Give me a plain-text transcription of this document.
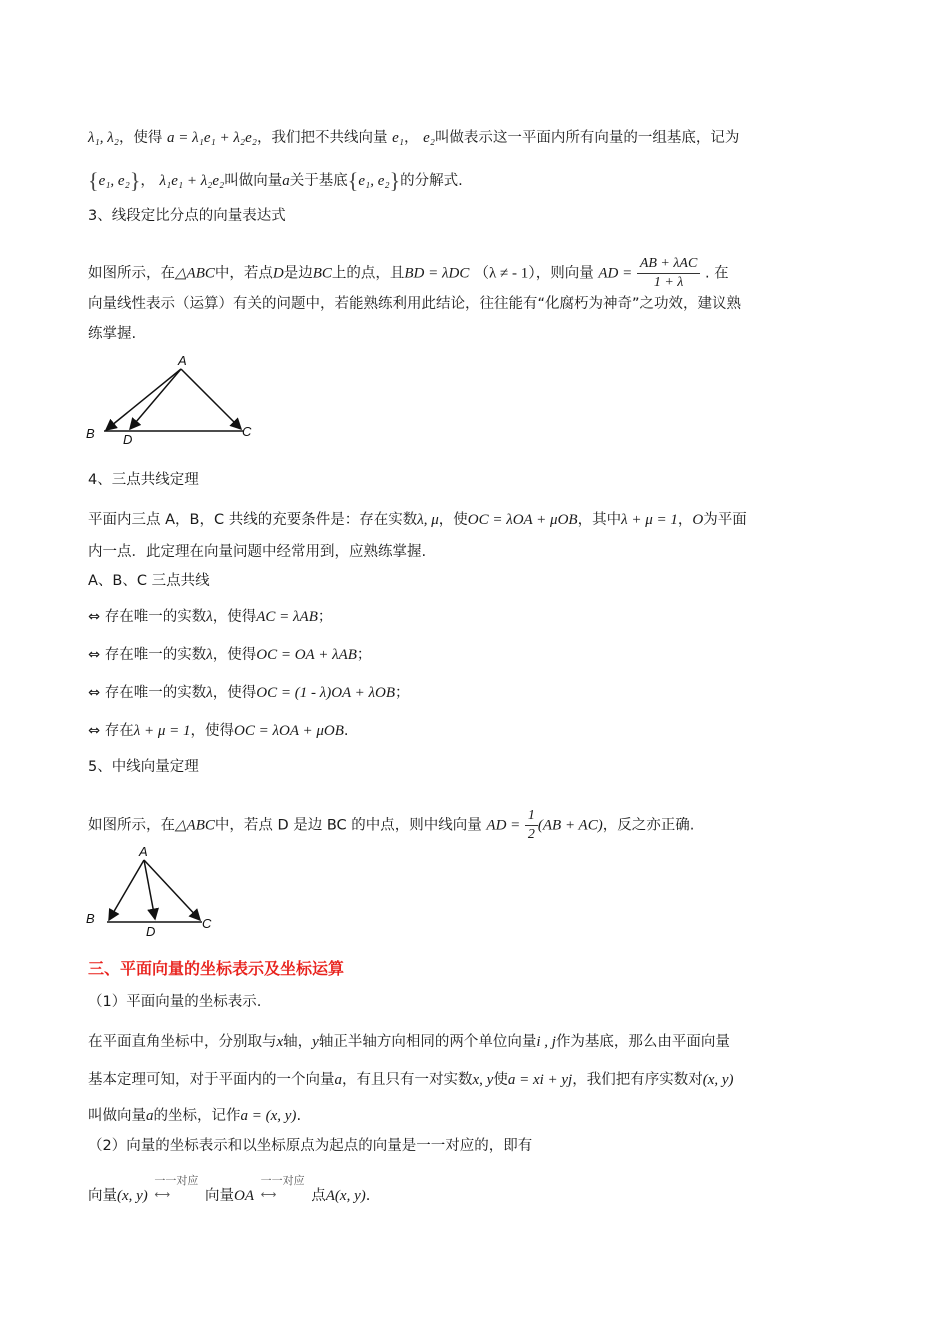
λ₁, λ₂，使得 a = λ₁e₁ + λ₂e₂，我们把不共线向量 e₁， e₂叫做表示这一平面内所有向量的一组基底，记为
{e₁, e₂}， λ₁e₁ + λ₂e₂叫做向量a关于基底{e₁, e₂}的分解式.
3、线段定比分点的向量表达式
如图所示，在△ABC中，若点D是边BC上的点，且BD = λDC （λ ≠ - 1），则向量 AD = $\frac{\text{AB + λAC}}{1 + \lambda}$ . 在
向量线性表示（运算）有关的问题中，若能熟练利用此结论，往往能有“化腐朽为神奇”之功效，建议熟
练掌握.
A
B	C
D
4、三点共线定理
平面内三点 A，B，C 共线的充要条件是：存在实数λ, μ，使OC = λOA + μOB，其中λ + μ = 1，O为平面
内一点．此定理在向量问题中经常用到，应熟练掌握.
A、B、C 三点共线
⇔ 存在唯一的实数λ，使得AC = λAB；
⇔ 存在唯一的实数λ，使得OC = OA + λAB；
⇔ 存在唯一的实数λ，使得OC = (1 - λ)OA + λOB；
⇔ 存在λ + μ = 1，使得OC = λOA + μOB.
5、中线向量定理
如图所示，在△ABC中，若点 D 是边 BC 的中点，则中线向量 AD = $\frac{1}{2} (AB + AC)$，反之亦正确.
A
B	C
D
三、平面向量的坐标表示及坐标运算
（1）平面向量的坐标表示.
在平面直角坐标中，分别取与x轴，y轴正半轴方向相同的两个单位向量i , j作为基底，那么由平面向量
基本定理可知，对于平面内的一个向量a，有且只有一对实数x, y使a = xi + yj，我们把有序实数对(x, y)
叫做向量a的坐标，记作a = (x, y).
（2）向量的坐标表示和以坐标原点为起点的向量是一一对应的，即有
向量(x, y) 一一对应
⟷ 向量OA 一一对应
⟷ 点A(x, y).
